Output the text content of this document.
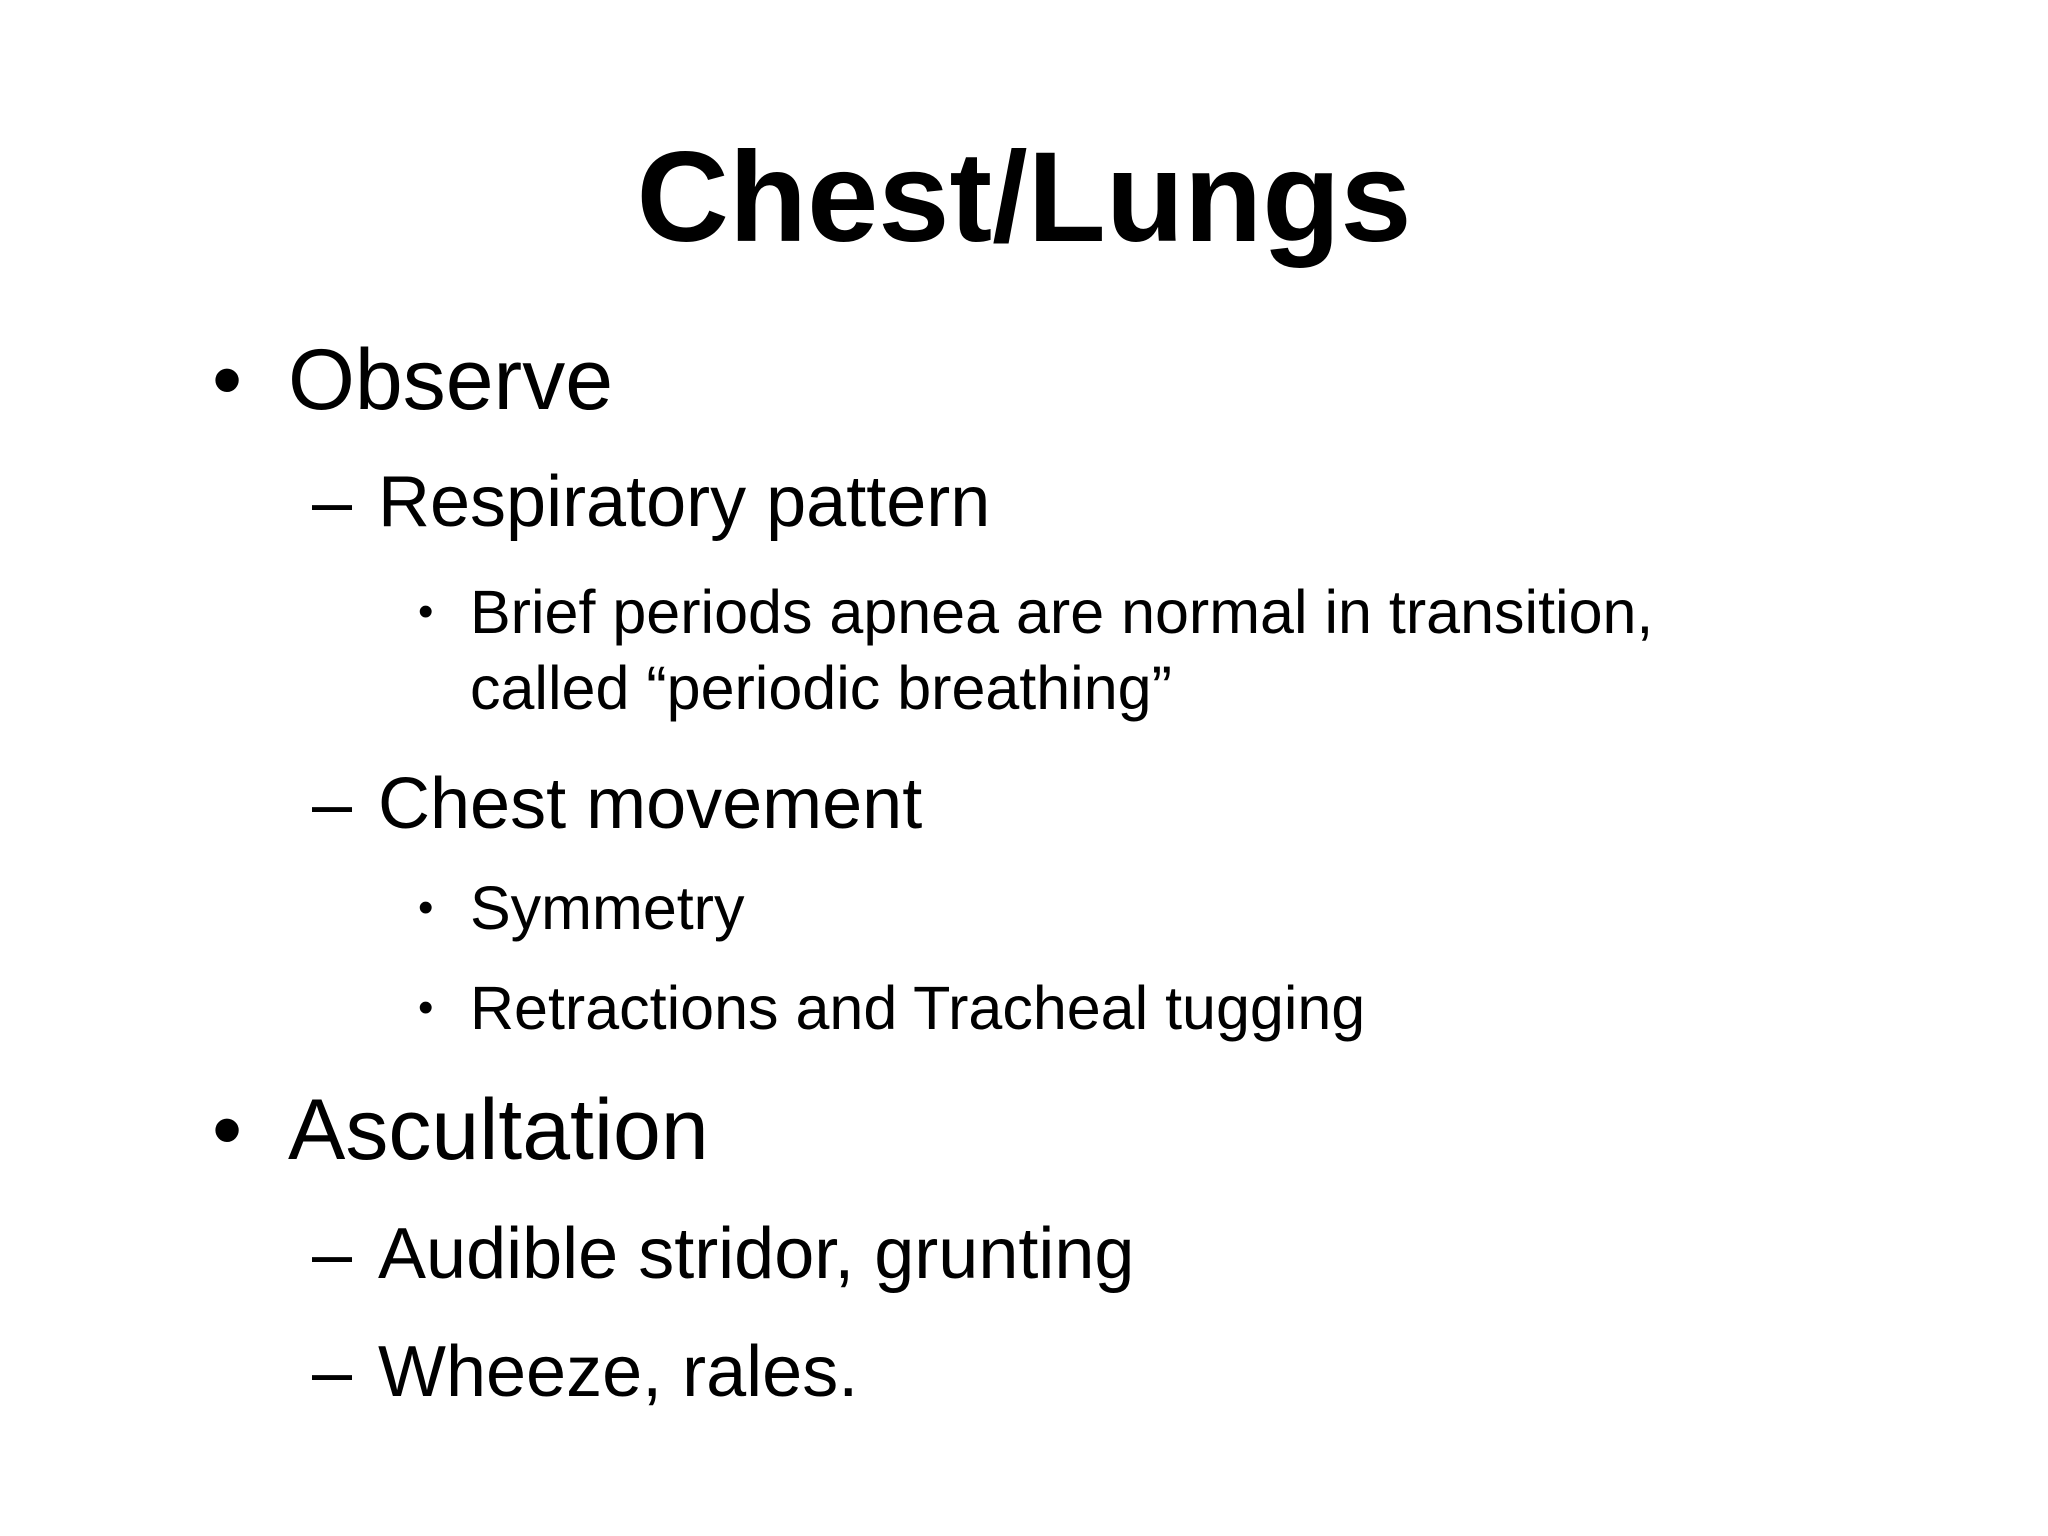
Chest/Lungs
• Observe
– Respiratory pattern
• Brief periods apnea are normal in transition,
called “periodic breathing”
– Chest movement
• Symmetry
• Retractions and Tracheal tugging
• Ascultation
– Audible stridor, grunting
– Wheeze, rales.
